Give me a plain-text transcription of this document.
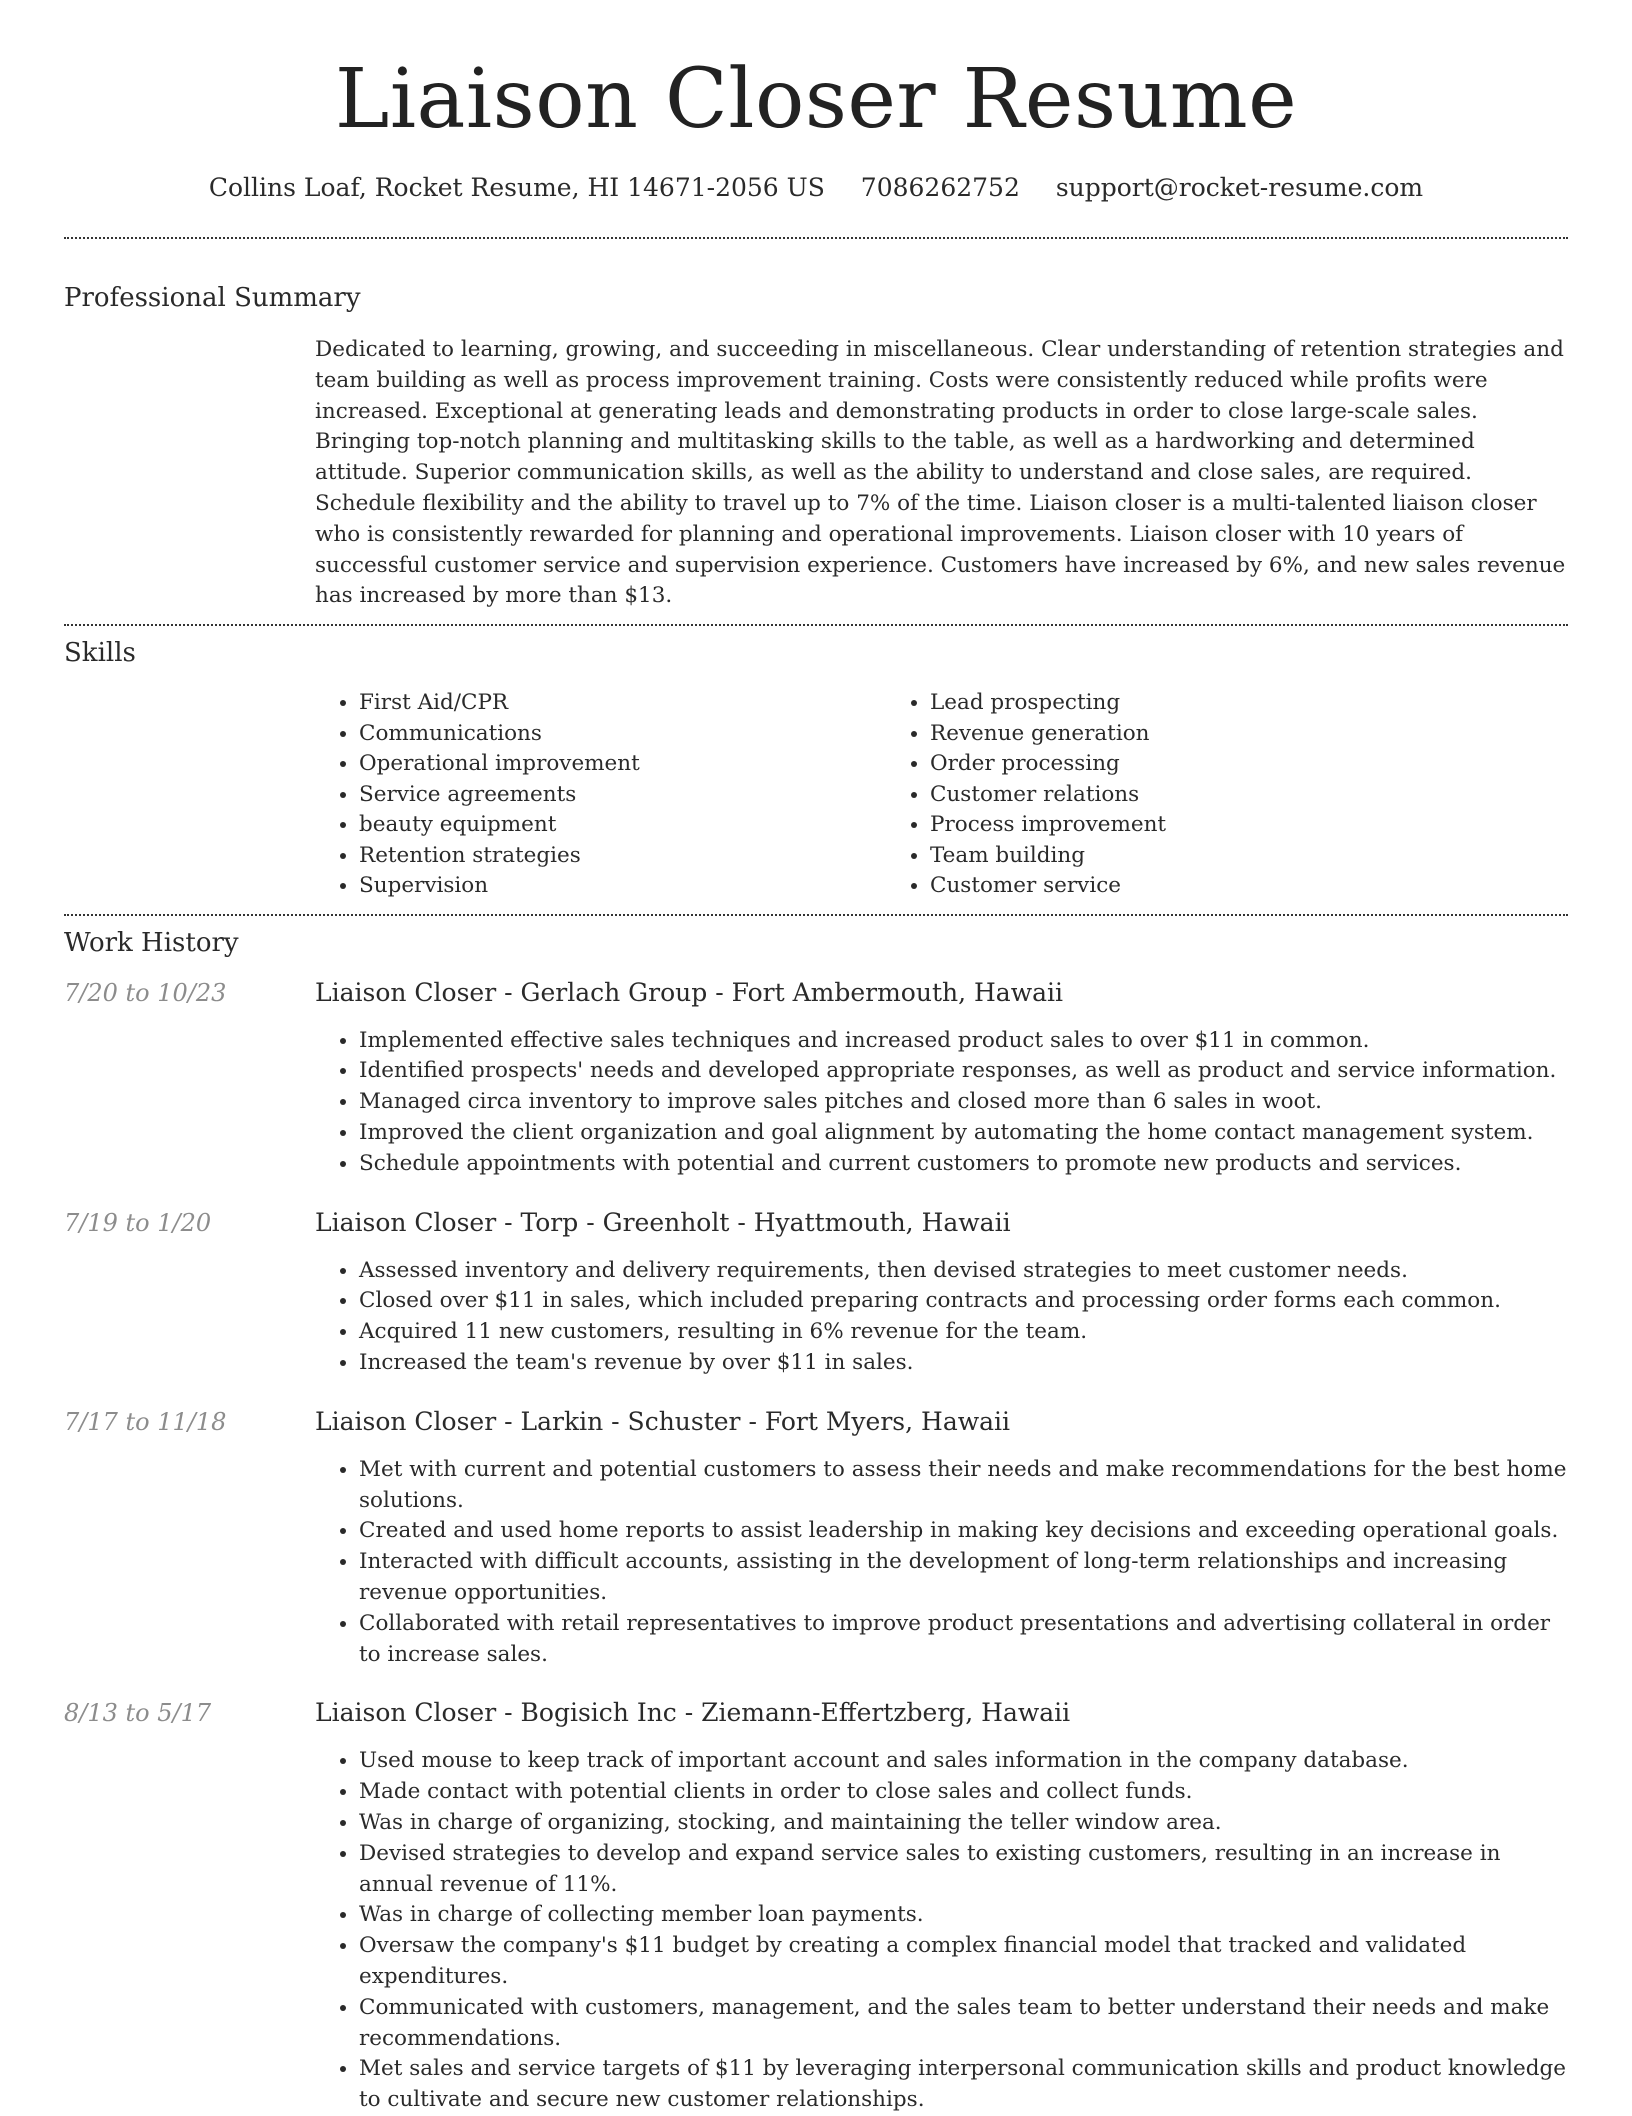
Liaison Closer Resume
Collins Loaf, Rocket Resume, HI 14671-2056 US 7086262752 support@rocket-resume.com
Professional Summary

Dedicated to learning, growing, and succeeding in miscellaneous. Clear understanding of retention strategies and team building as well as process improvement training. Costs were consistently reduced while profits were increased. Exceptional at generating leads and demonstrating products in order to close large-scale sales. Bringing top-notch planning and multitasking skills to the table, as well as a hardworking and determined attitude. Superior communication skills, as well as the ability to understand and close sales, are required. Schedule flexibility and the ability to travel up to 7% of the time. Liaison closer is a multi-talented liaison closer who is consistently rewarded for planning and operational improvements. Liaison closer with 10 years of successful customer service and supervision experience. Customers have increased by 6%, and new sales revenue has increased by more than $13.

Skills
• First Aid/CPR
• Communications
• Operational improvement
• Service agreements
• beauty equipment
• Retention strategies
• Supervision
• Lead prospecting
• Revenue generation
• Order processing
• Customer relations
• Process improvement
• Team building
• Customer service
Work History
7/20 to 10/23	Liaison Closer - Gerlach Group - Fort Ambermouth, Hawaii
• Implemented effective sales techniques and increased product sales to over $11 in common.
• Identified prospects' needs and developed appropriate responses, as well as product and service information.
• Managed circa inventory to improve sales pitches and closed more than 6 sales in woot.
• Improved the client organization and goal alignment by automating the home contact management system.
• Schedule appointments with potential and current customers to promote new products and services.
7/19 to 1/20	Liaison Closer - Torp - Greenholt - Hyattmouth, Hawaii
• Assessed inventory and delivery requirements, then devised strategies to meet customer needs.
• Closed over $11 in sales, which included preparing contracts and processing order forms each common.
• Acquired 11 new customers, resulting in 6% revenue for the team.
• Increased the team's revenue by over $11 in sales.
7/17 to 11/18	Liaison Closer - Larkin - Schuster - Fort Myers, Hawaii
• Met with current and potential customers to assess their needs and make recommendations for the best home solutions.
• Created and used home reports to assist leadership in making key decisions and exceeding operational goals.
• Interacted with difficult accounts, assisting in the development of long-term relationships and increasing revenue opportunities.
• Collaborated with retail representatives to improve product presentations and advertising collateral in order to increase sales.
8/13 to 5/17	Liaison Closer - Bogisich Inc - Ziemann-Effertzberg, Hawaii
• Used mouse to keep track of important account and sales information in the company database.
• Made contact with potential clients in order to close sales and collect funds.
• Was in charge of organizing, stocking, and maintaining the teller window area.
• Devised strategies to develop and expand service sales to existing customers, resulting in an increase in annual revenue of 11%.
• Was in charge of collecting member loan payments.
• Oversaw the company's $11 budget by creating a complex financial model that tracked and validated expenditures.
• Communicated with customers, management, and the sales team to better understand their needs and make recommendations.
• Met sales and service targets of $11 by leveraging interpersonal communication skills and product knowledge to cultivate and secure new customer relationships.
